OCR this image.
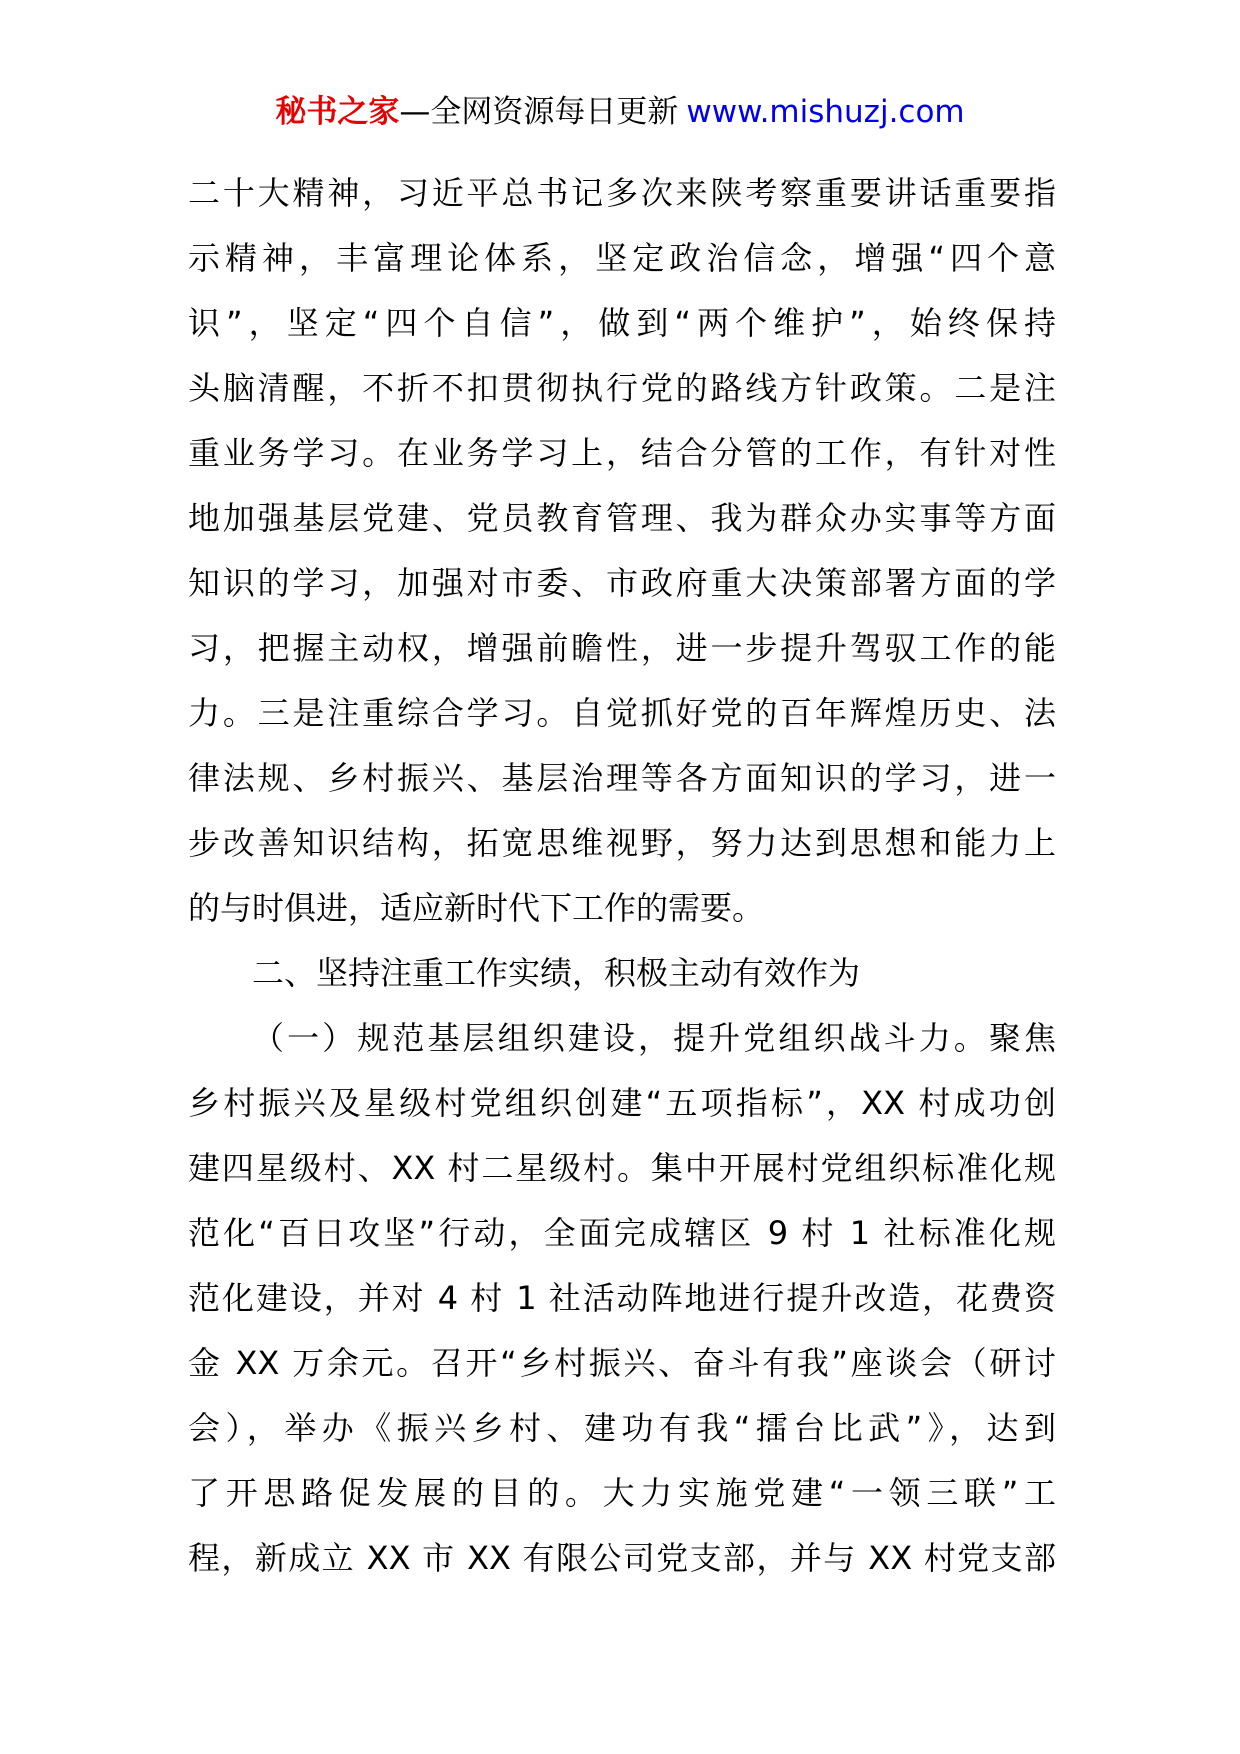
秘书之家—全网资源每日更新 www.mishuzj.com
二十大精神，习近平总书记多次来陕考察重要讲话重要指
示精神，丰富理论体系，坚定政治信念，增强“四个意
识”，坚定“四个自信”，做到“两个维护”，始终保持
头脑清醒，不折不扣贯彻执行党的路线方针政策。二是注
重业务学习。在业务学习上，结合分管的工作，有针对性
地加强基层党建、党员教育管理、我为群众办实事等方面
知识的学习，加强对市委、市政府重大决策部署方面的学
习，把握主动权，增强前瞻性，进一步提升驾驭工作的能
力。三是注重综合学习。自觉抓好党的百年辉煌历史、法
律法规、乡村振兴、基层治理等各方面知识的学习，进一
步改善知识结构，拓宽思维视野，努力达到思想和能力上
的与时俱进，适应新时代下工作的需要。
二、坚持注重工作实绩，积极主动有效作为
（一）规范基层组织建设，提升党组织战斗力。聚焦
乡村振兴及星级村党组织创建“五项指标”，XX 村成功创
建四星级村、XX 村二星级村。集中开展村党组织标准化规
范化“百日攻坚”行动，全面完成辖区 9 村 1 社标准化规
范化建设，并对 4 村 1 社活动阵地进行提升改造，花费资
金 XX 万余元。召开“乡村振兴、奋斗有我”座谈会（研讨
会），举办《振兴乡村、建功有我“擂台比武”》，达到
了开思路促发展的目的。大力实施党建“一领三联”工
程，新成立 XX 市 XX 有限公司党支部，并与 XX 村党支部
